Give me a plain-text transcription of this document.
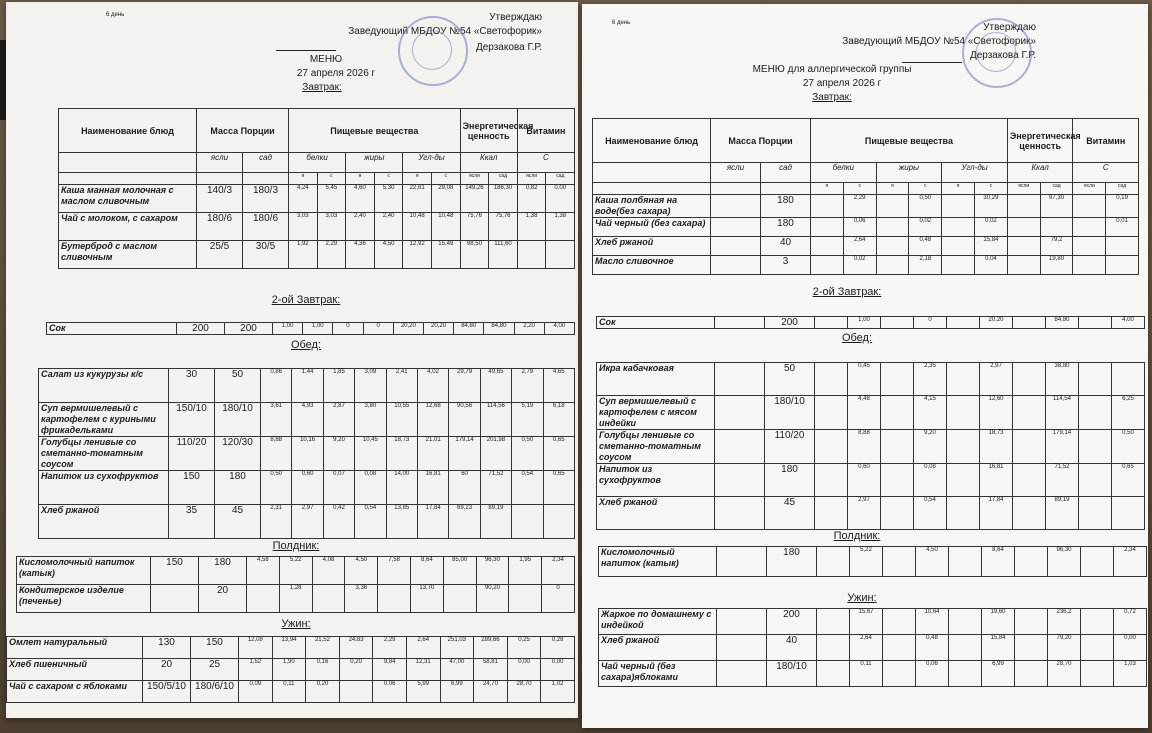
6 день	Утверждаю
Заведующий МБДОУ №54 «Светофорик»
Дерзакова Г.Р.
МЕНЮ
27 апреля 2026 г
Завтрак:
Наименование блюд	Масса Порции		Пищевые вещества						Энергетическая ценность		Витамин	
	ясли	сад	белки		жиры		Угл-ды		Ккал		С	
			я	с	я	с	я	с	ясли	сад	ясли	сад
Каша манная молочная с маслом сливочным	140/3	180/3	4,24	5,45	4,60	5,30	22,61	29,08	149,26	186,30	0,82	0,00
Чай с молоком, с сахаром	180/6	180/6	3,03	3,03	2,40	2,40	10,48	10,48	75,76	75,76	1,38	1,38
Бутерброд с маслом сливочным	25/5	30/5	1,92	2,29	4,36	4,50	12,92	15,49	98,50	111,60		
2-ой Завтрак:
Сок	200	200	1,00	1,00	0	0	20,20	20,20	84,80	84,80	2,20	4,00
Обед:
Салат из кукурузы к/с	30	50	0,86	1,44	1,85	3,09	2,41	4,02	29,79	49,65	2,79	4,65
Суп вермишелевый с картофелем с куриными фрикадельками	150/10	180/10	3,61	4,93	2,87	3,80	10,55	12,68	90,56	114,56	5,19	6,18
Голубцы ленивые со сметанно-томатным соусом	110/20	120/30	8,88	10,16	9,20	10,45	18,73	21,01	179,14	201,98	0,50	0,65
Напиток из сухофруктов	150	180	0,50	0,60	0,07	0,08	14,00	16,81	60	71,52	0,54	0,65
Хлеб ржаной	35	45	2,31	2,97	0,42	0,54	13,85	17,84	69,23	89,19		
Полдник:
Кисломолочный напиток (катык)	150	180	4,58	5,22	4,08	4,50	7,58	8,64	85,00	96,30	1,95	2,34
Кондитерское изделие (печенье)		20		1,28		3,36		13,70		90,20		0
Ужин:
Омлет натуральный	130	150	12,08	13,94	21,52	24,83	2,29	2,64	251,03	289,66	0,25	0,28	
Хлеб пшеничный	20	25	1,52	1,90	0,16	0,20	9,84	12,31	47,00	58,81	0,00	0,00	
Чай с сахаром с яблоками	150/5/10	180/6/10	0,09	0,11	0,20		0,06	5,99	6,99	24,70	28,70	1,02	
6 день	Утверждаю
Заведующий МБДОУ №54 «Светофорик»
Дерзакова Г.Р.
МЕНЮ для аллергической группы
27 апреля 2026 г
Завтрак:
Наименование блюд	Масса Порции		Пищевые вещества						Энергетическая ценность		Витамин	
	ясли	сад	белки		жиры		Угл-ды		Ккал		С	
			я	с	я	с	я	с	ясли	сад	ясли	сад
Каша полбяная на воде(без сахара)		180		2,29		0,50		30,29		97,30		0,19
Чай черный (без сахара)		180		0,06		0,02		0,02				0,01
Хлеб ржаной		40		2,64		0,48		15,84		79,2		
Масло сливочное		3		0,02		2,18		0,04		19,80		
2-ой Завтрак:
Сок		200		1,00		0		20,20		84,80		4,00
Обед:
Икра кабачковая		50		0,45		2,35		2,97		38,80		
Суп вермишелевый с картофелем с мясом индейки		180/10		4,48		4,15		12,60		114,54		6,25
Голубцы ленивые со сметанно-томатным соусом		110/20		8,88		9,20		18,73		179,14		0,50
Напиток из сухофруктов		180		0,60		0,08		16,81		71,52		0,65
Хлеб ржаной		45		2,97		0,54		17,84		89,19		
Полдник:
Кисломолочный напиток (катык)		180		5,22		4,50		8,64		96,30		2,34
Ужин:
Жаркое по домашнему с индейкой		200		15,67		10,64		19,60		236,2		0,72
Хлеб ржаной		40		2,64		0,48		15,84		79,20		0,00
Чай черный (без сахара)яблоками		180/10		0,11		0,06		6,99		28,70		1,03
